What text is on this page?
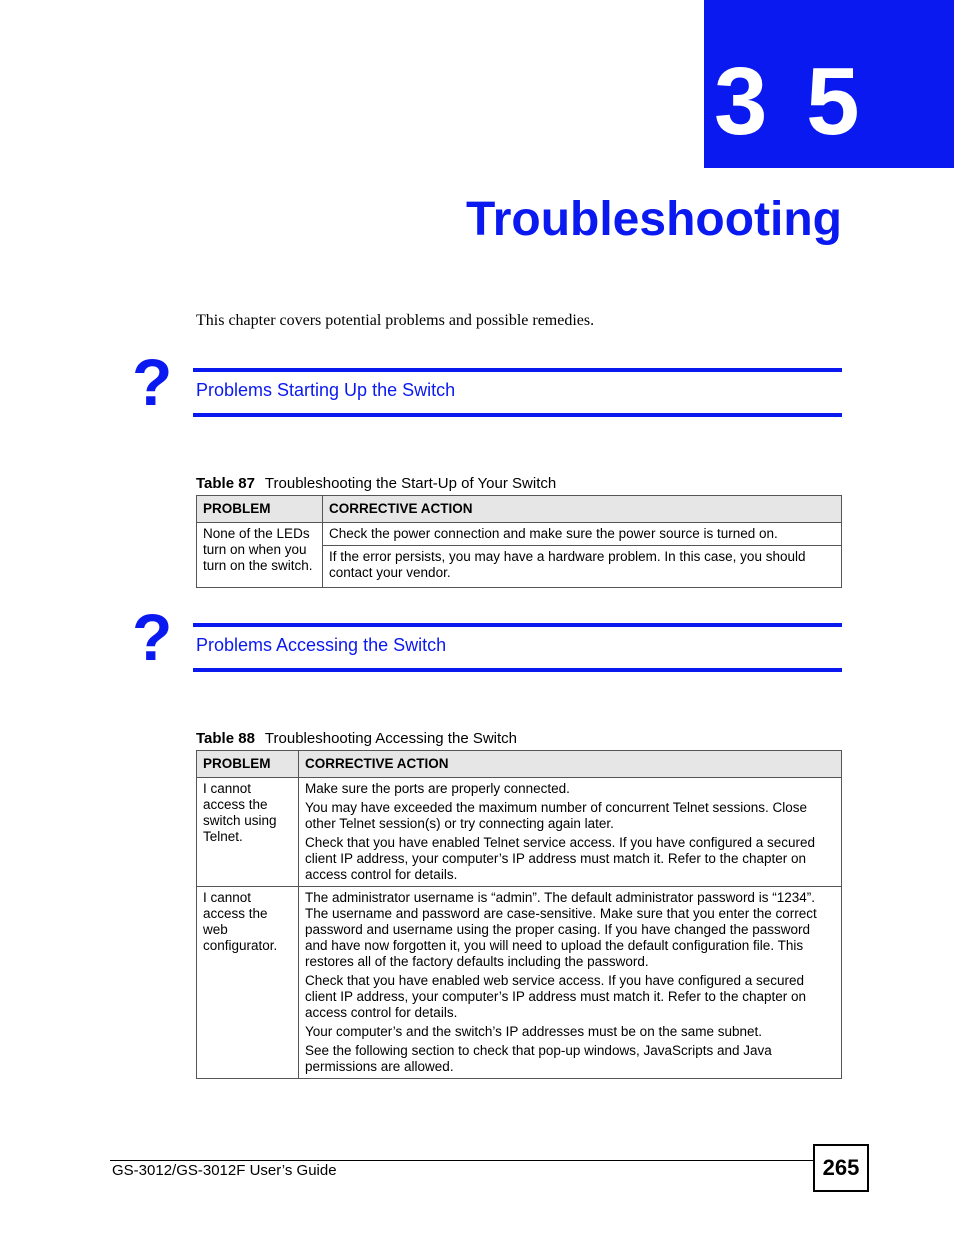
3 5
Troubleshooting
This chapter covers potential problems and possible remedies.
? Problems Starting Up the Switch
Table 87 Troubleshooting the Start-Up of Your Switch
PROBLEM	CORRECTIVE ACTION
None of the LEDs turn on when you turn on the switch.	Check the power connection and make sure the power source is turned on.
	If the error persists, you may have a hardware problem. In this case, you should contact your vendor.
? Problems Accessing the Switch
Table 88 Troubleshooting Accessing the Switch
PROBLEM	CORRECTIVE ACTION
I cannot access the switch using Telnet.	Make sure the ports are properly connected.

You may have exceeded the maximum number of concurrent Telnet sessions. Close other Telnet session(s) or try connecting again later.

Check that you have enabled Telnet service access. If you have configured a secured client IP address, your computer’s IP address must match it. Refer to the chapter on access control for details.

I cannot access the web configurator.	The administrator username is “admin”. The default administrator password is “1234”. The username and password are case-sensitive. Make sure that you enter the correct password and username using the proper casing. If you have changed the password and have now forgotten it, you will need to upload the default configuration file. This restores all of the factory defaults including the password.

Check that you have enabled web service access. If you have configured a secured client IP address, your computer’s IP address must match it. Refer to the chapter on access control for details.

Your computer’s and the switch’s IP addresses must be on the same subnet.

See the following section to check that pop-up windows, JavaScripts and Java permissions are allowed.

GS-3012/GS-3012F User’s Guide	265
